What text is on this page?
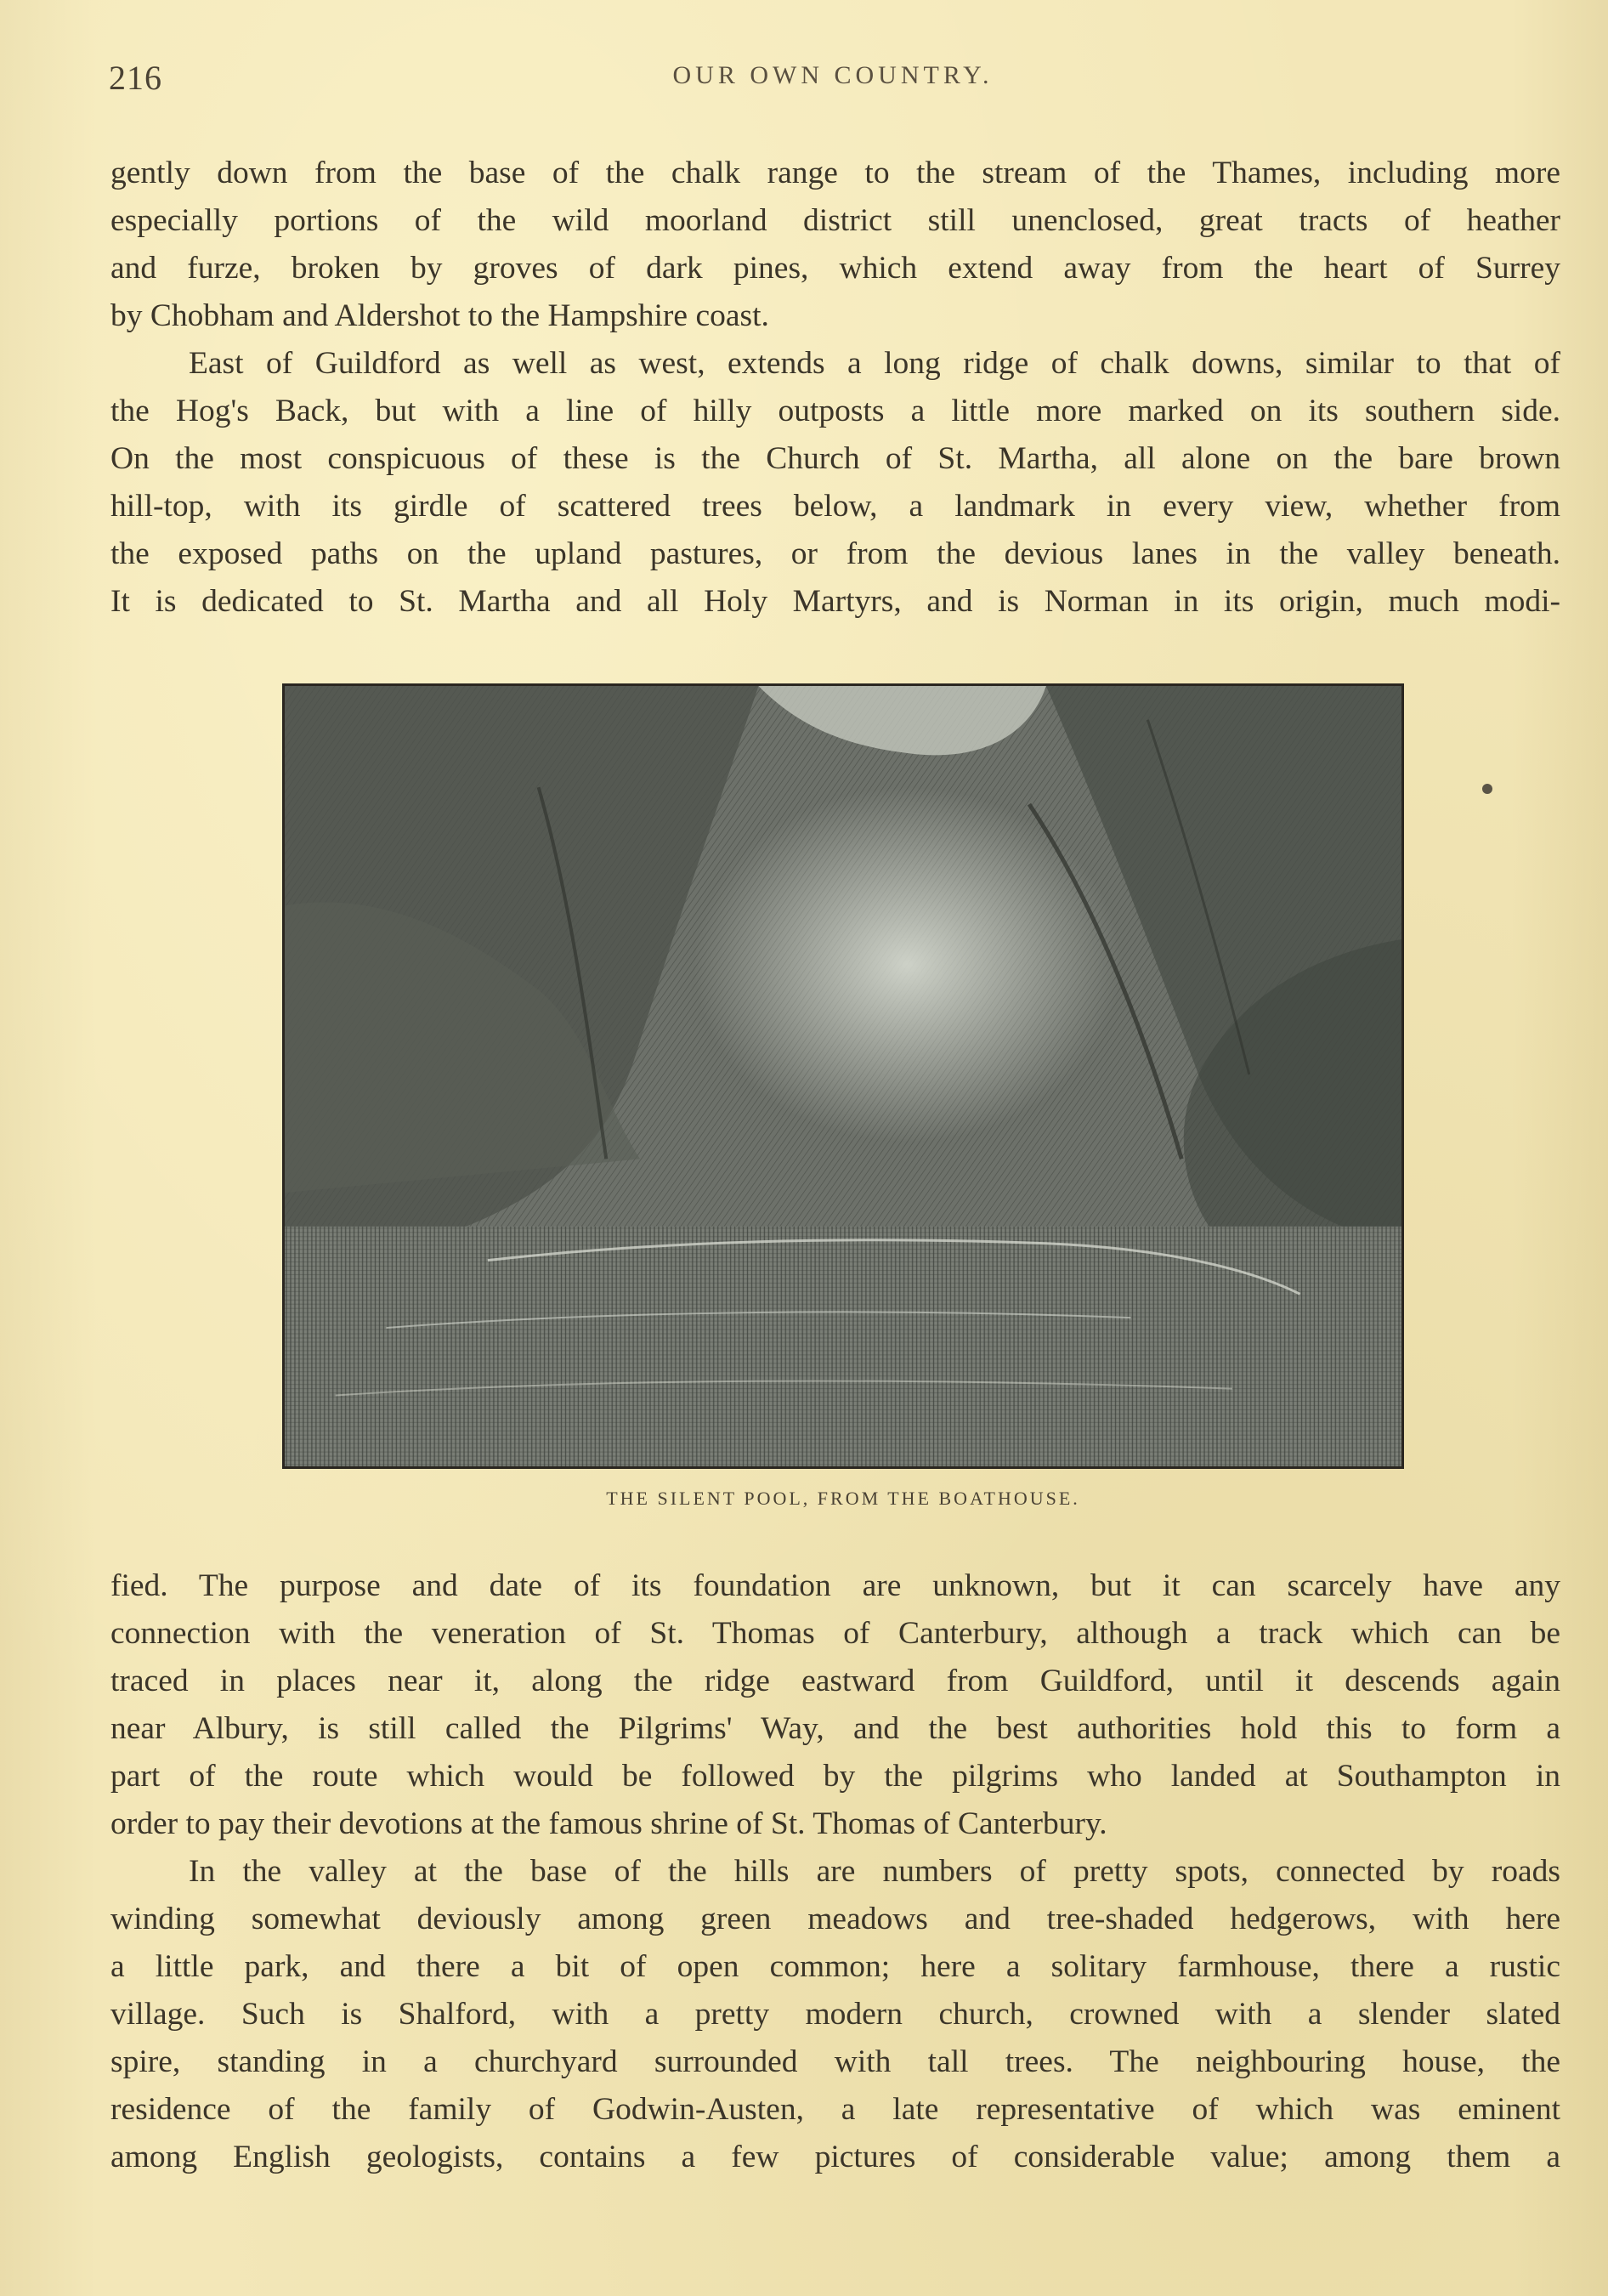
216	OUR OWN COUNTRY.

gently down from the base of the chalk range to the stream of the Thames, including more
especially portions of the wild moorland district still unenclosed, great tracts of heather
and furze, broken by groves of dark pines, which extend away from the heart of Surrey
by Chobham and Aldershot to the Hampshire coast.

East of Guildford as well as west, extends a long ridge of chalk downs, similar to that of
the Hog's Back, but with a line of hilly outposts a little more marked on its southern side.
On the most conspicuous of these is the Church of St. Martha, all alone on the bare brown
hill-top, with its girdle of scattered trees below, a landmark in every view, whether from
the exposed paths on the upland pastures, or from the devious lanes in the valley beneath.
It is dedicated to St. Martha and all Holy Martyrs, and is Norman in its origin, much modi-

THE SILENT POOL, FROM THE BOATHOUSE.

fied. The purpose and date of its foundation are unknown, but it can scarcely have any
connection with the veneration of St. Thomas of Canterbury, although a track which can be
traced in places near it, along the ridge eastward from Guildford, until it descends again
near Albury, is still called the Pilgrims' Way, and the best authorities hold this to form a
part of the route which would be followed by the pilgrims who landed at Southampton in
order to pay their devotions at the famous shrine of St. Thomas of Canterbury.

In the valley at the base of the hills are numbers of pretty spots, connected by roads
winding somewhat deviously among green meadows and tree-shaded hedgerows, with here
a little park, and there a bit of open common; here a solitary farmhouse, there a rustic
village. Such is Shalford, with a pretty modern church, crowned with a slender slated
spire, standing in a churchyard surrounded with tall trees. The neighbouring house, the
residence of the family of Godwin-Austen, a late representative of which was eminent
among English geologists, contains a few pictures of considerable value; among them a
